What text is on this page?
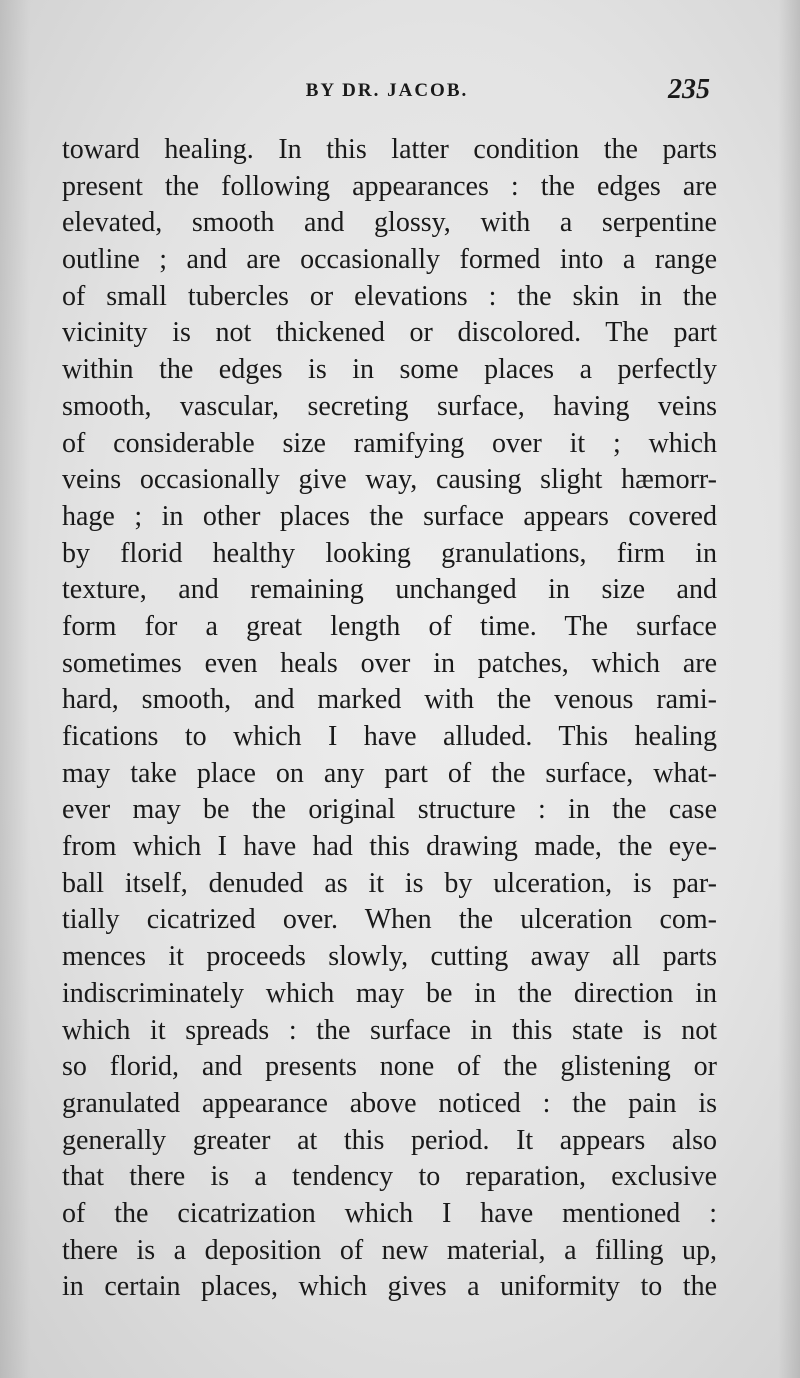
BY DR. JACOB.	235
toward healing. In this latter condition the parts
present the following appearances : the edges are
elevated, smooth and glossy, with a serpentine
outline ; and are occasionally formed into a range
of small tubercles or elevations : the skin in the
vicinity is not thickened or discolored. The part
within the edges is in some places a perfectly
smooth, vascular, secreting surface, having veins
of considerable size ramifying over it ; which
veins occasionally give way, causing slight hæmorr-
hage ; in other places the surface appears covered
by florid healthy looking granulations, firm in
texture, and remaining unchanged in size and
form for a great length of time. The surface
sometimes even heals over in patches, which are
hard, smooth, and marked with the venous rami-
fications to which I have alluded. This healing
may take place on any part of the surface, what-
ever may be the original structure : in the case
from which I have had this drawing made, the eye-
ball itself, denuded as it is by ulceration, is par-
tially cicatrized over. When the ulceration com-
mences it proceeds slowly, cutting away all parts
indiscriminately which may be in the direction in
which it spreads : the surface in this state is not
so florid, and presents none of the glistening or
granulated appearance above noticed : the pain is
generally greater at this period. It appears also
that there is a tendency to reparation, exclusive
of the cicatrization which I have mentioned :
there is a deposition of new material, a filling up,
in certain places, which gives a uniformity to the
